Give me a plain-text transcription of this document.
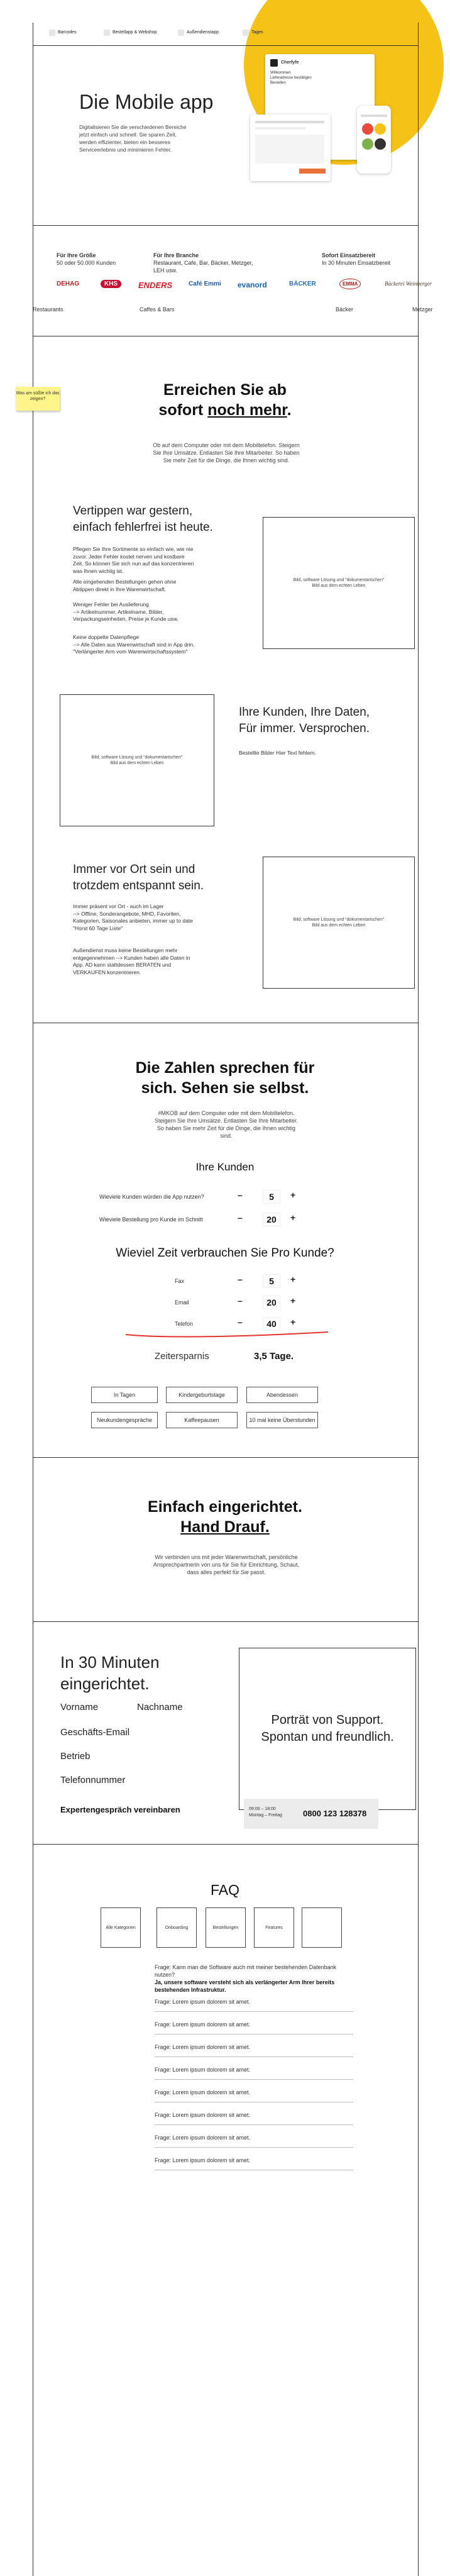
Barcodes	Bestellapp & Webshop	Außendienstapp	Tages
Die Mobile app
Digitalisieren Sie die verschiedenen Bereiche jetzt einfach und schnell. Sie sparen Zeit, werden effizienter, bieten ein besseres Serviceerlebnis und minimieren Fehler.
Cherfyfe
Willkommen Lieferadresse bestätigen Bestellen
Für Ihre Größe
50 oder 50.000 Kunden
Für Ihre Branche
Restaurant, Cafe, Bar, Bäcker, Metzger, LEH usw.
Sofort Einsatzbereit
In 30 Minuten Einsatzbereit
DEHAG	KHS	ENDERS	Café Emmi evanord	BÄCKER	EMMA	Bäckerei Weinberger
Restaurants	Caffes & Bars	Bäcker	Metzger
Was am süßte ich das zeigen?
Erreichen Sie ab
sofort noch mehr.
Ob auf dem Computer oder mit dem Mobiltelefon. Steigern Sie Ihre Umsätze. Entlasten Sie Ihre Mitarbeiter. So haben Sie mehr Zeit für die Dinge, die Ihnen wichtig sind.
Vertippen war gestern, einfach fehlerfrei ist heute.
Pflegen Sie Ihre Sortimente so einfach wie, wie nie zuvor. Jeder Fehler kostet nerven und kostbare Zeit. So können Sie sich nun auf das konzentrieren was Ihnen wichtig ist.
Alle eingehenden Bestellungen gehen ohne Abtippen direkt in Ihre Warenwirtschaft.
Weniger Fehler bei Auslieferung
--> Artikelnummer, Artikelname, Bilder, Verpackungseinheiten, Preise je Kunde usw.
Keine doppelte Datenpflege
--> Alle Daten aus Warenwirtschaft sind in App drin.
"Verlängerter Arm vom Warenwirtschaftssystem"
Bild, software Lösung und "dokumentarischen" Bild aus dem echten Leben
Bild, software Lösung und "dokumentarischen" Bild aus dem echten Leben
Ihre Kunden, Ihre Daten, Für immer. Versprochen.
Bestellte Bilder Hier Text fehlern.
Immer vor Ort sein und trotzdem entspannt sein.
Immer präsent vor Ort - auch im Lager
--> Offline, Sonderangebote, MHD, Favoriten, Kategorien, Saisonales anbieten, immer up to date "Horst 60 Tage Liste"
Außendienst muss keine Bestellungen mehr entgegennehmen --> Kunden haben alle Daten in App. AD kann stattdessen BERATEN und VERKAUFEN konzentrieren.
Bild, software Lösung und "dokumentarischen" Bild aus dem echten Leben
Die Zahlen sprechen für
sich. Sehen sie selbst.
#MKOB auf dem Computer oder mit dem Mobiltelefon. Steigern Sie Ihre Umsätze. Entlasten Sie Ihre Mitarbeiter. So haben Sie mehr Zeit für die Dinge, die Ihnen wichtig sind.
Ihre Kunden
Wieviele Kunden würden die App nutzen?	–	5	+
Wieviele Bestellung pro Kunde im Schnitt	–	20	+
Wieviel Zeit verbrauchen Sie Pro Kunde?
Fax	–	5	+
Email	–	20	+
Telefon	–	40	+
Zeitersparnis	3,5 Tage.
In Tagen	Kindergeburtstage	Abendessen
Neukundengespräche	Kaffeepausen	10 mal keine Überstunden
Einfach eingerichtet.
Hand Drauf.
Wir verbinden uns mit jeder Warenwirtschaft, persönliche Ansprechpartnerin von uns für Sie für Einrichtung, Schaut, dass alles perfekt für Sie passt.
In 30 Minuten eingerichtet.
Vorname	Nachname
Geschäfts-Email
Betrieb
Telefonnummer
Expertengespräch vereinbaren
Porträt von Support. Spontan und freundlich.
09:00 – 18:00
Montag – Freitag	0800 123 128378
FAQ
Alle Kategorien	Onboarding	Bestellungen	Features
Frage: Kann man die Software auch mit meiner bestehenden Datenbank nutzen?
Ja, unsere software versteht sich als verlängerter Arm Ihrer bereits bestehenden Infrastruktur.
Frage: Lorem ipsum dolorem sit amet.
Frage: Lorem ipsum dolorem sit amet.
Frage: Lorem ipsum dolorem sit amet.
Frage: Lorem ipsum dolorem sit amet.
Frage: Lorem ipsum dolorem sit amet.
Frage: Lorem ipsum dolorem sit amet.
Frage: Lorem ipsum dolorem sit amet.
Frage: Lorem ipsum dolorem sit amet.
